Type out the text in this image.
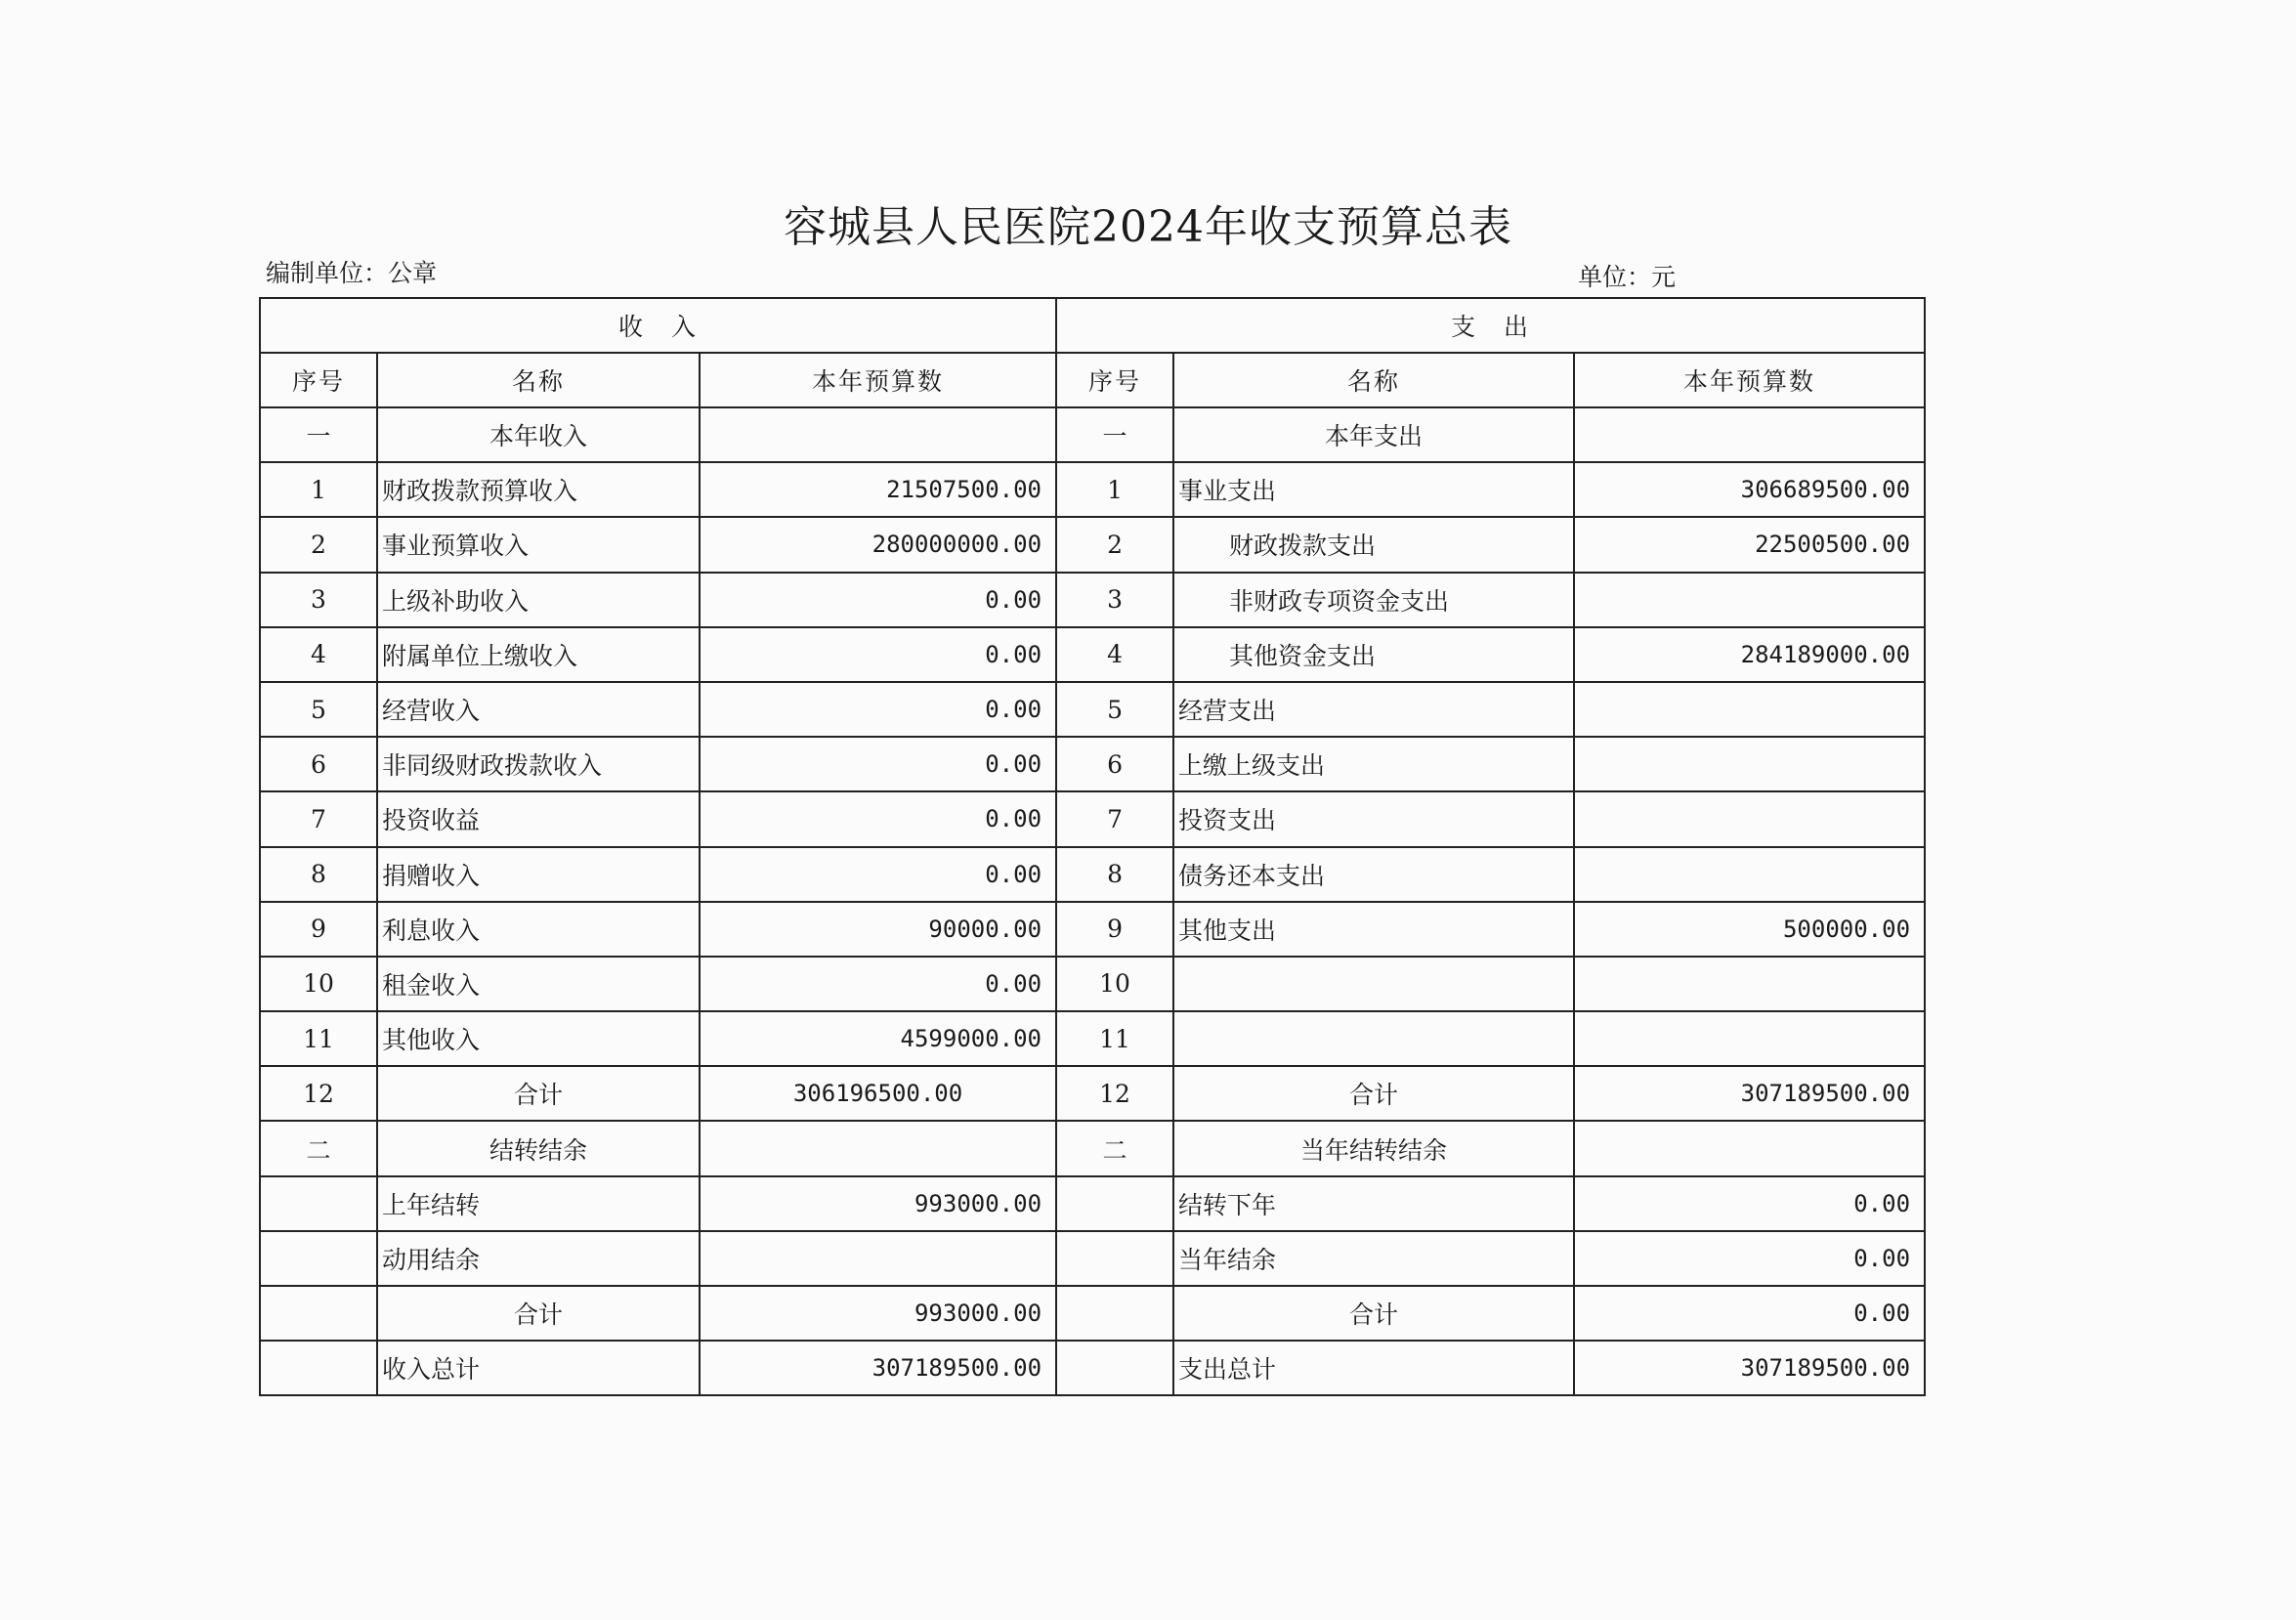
容城县人民医院2024年收支预算总表
编制单位：公章	单位：元
收　入			支　出		
序号	名称	本年预算数	序号	名称	本年预算数
一	本年收入		一	本年支出	
1	财政拨款预算收入	21507500.00	1	事业支出	306689500.00
2	事业预算收入	280000000.00	2	财政拨款支出	22500500.00
3	上级补助收入	0.00	3	非财政专项资金支出	
4	附属单位上缴收入	0.00	4	其他资金支出	284189000.00
5	经营收入	0.00	5	经营支出	
6	非同级财政拨款收入	0.00	6	上缴上级支出	
7	投资收益	0.00	7	投资支出	
8	捐赠收入	0.00	8	债务还本支出	
9	利息收入	90000.00	9	其他支出	500000.00
10	租金收入	0.00	10		
11	其他收入	4599000.00	11		
12	合计	306196500.00	12	合计	307189500.00
二	结转结余		二	当年结转结余	
	上年结转	993000.00		结转下年	0.00
	动用结余			当年结余	0.00
	合计	993000.00		合计	0.00
	收入总计	307189500.00		支出总计	307189500.00
